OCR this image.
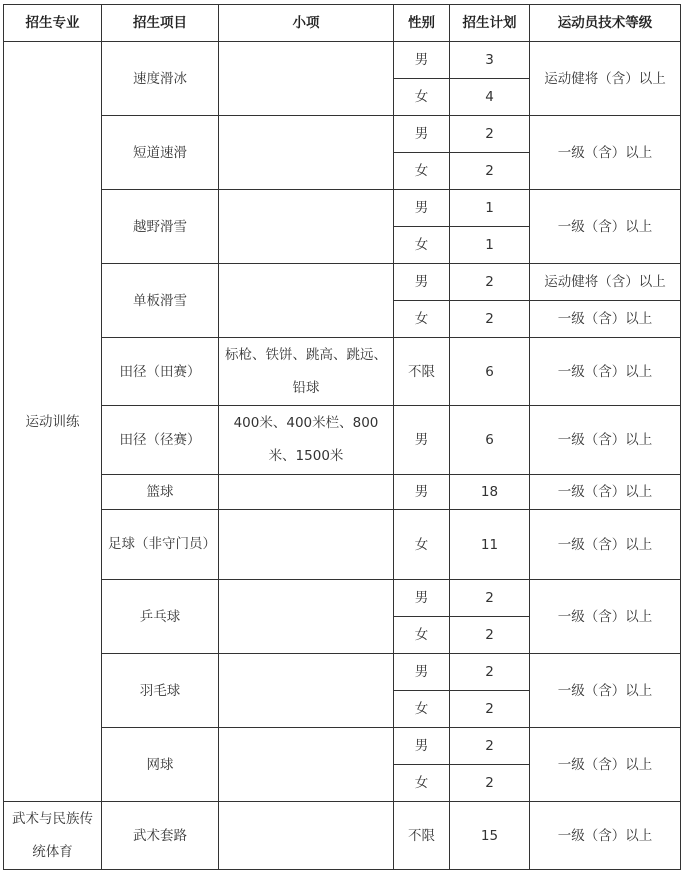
招生专业	招生项目	小项	性别	招生计划	运动员技术等级
运动训练	速度滑冰		男	3	运动健将（含）以上
			女	4	
	短道速滑		男	2	一级（含）以上
			女	2	
	越野滑雪		男	1	一级（含）以上
			女	1	
	单板滑雪		男	2	运动健将（含）以上
			女	2	一级（含）以上
	田径（田赛）	标枪、铁饼、跳高、跳远、铅球	不限	6	一级（含）以上
	田径（径赛）	400米、400米栏、800米、1500米	男	6	一级（含）以上
	篮球		男	18	一级（含）以上
	足球（非守门员）		女	11	一级（含）以上
	乒乓球		男	2	一级（含）以上
			女	2	
	羽毛球		男	2	一级（含）以上
			女	2	
	网球		男	2	一级（含）以上
			女	2	
武术与民族传统体育	武术套路		不限	15	一级（含）以上
